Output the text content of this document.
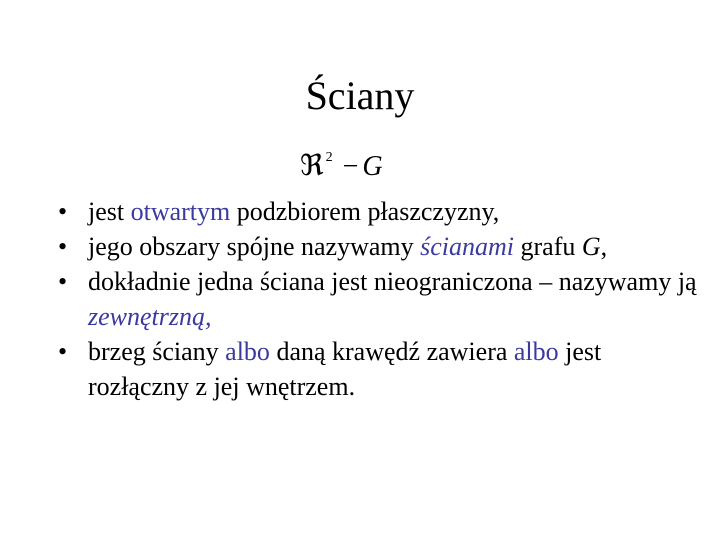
Ściany
ℜ $^2$ − G
• jest otwartym podzbiorem płaszczyzny,
• jego obszary spójne nazywamy ścianami grafu G,
• dokładnie jedna ściana jest nieograniczona – nazywamy ją zewnętrzną,
• brzeg ściany albo daną krawędź zawiera albo jest rozłączny z jej wnętrzem.
